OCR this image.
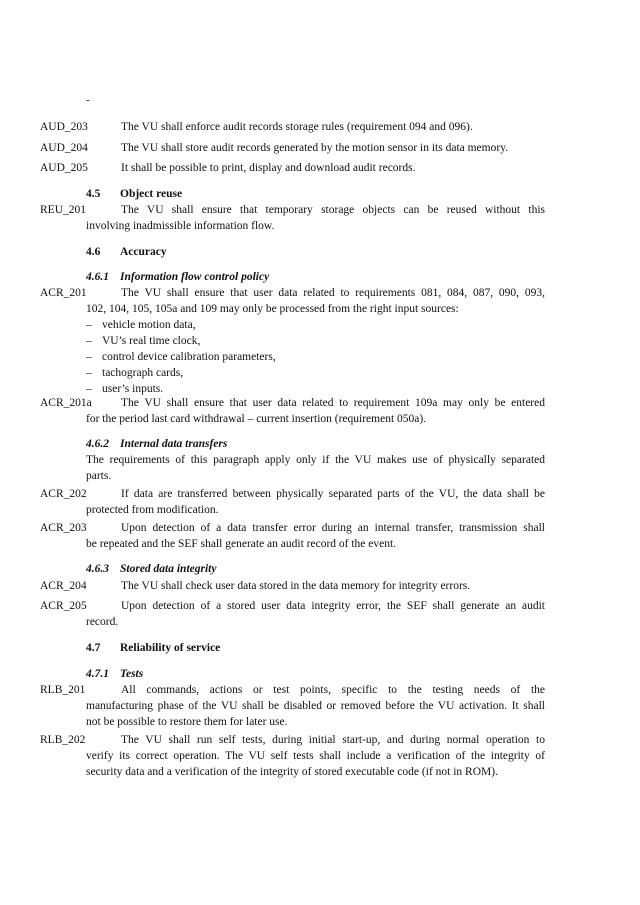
-
AUD_203	The VU shall enforce audit records storage rules (requirement 094 and 096).
AUD_204	The VU shall store audit records generated by the motion sensor in its data memory.
AUD_205	It shall be possible to print, display and download audit records.
4.5 Object reuse
REU_201	The VU shall ensure that temporary storage objects can be reused without this
involving inadmissible information flow.
4.6 Accuracy
4.6.1 Information flow control policy
ACR_201	The VU shall ensure that user data related to requirements 081, 084, 087, 090, 093,
102, 104, 105, 105a and 109 may only be processed from the right input sources:
– vehicle motion data,
– VU’s real time clock,
– control device calibration parameters,
– tachograph cards,
– user’s inputs.
ACR_201a	The VU shall ensure that user data related to requirement 109a may only be entered
for the period last card withdrawal – current insertion (requirement 050a).
4.6.2 Internal data transfers
The requirements of this paragraph apply only if the VU makes use of physically separated
parts.
ACR_202	If data are transferred between physically separated parts of the VU, the data shall be
protected from modification.
ACR_203	Upon detection of a data transfer error during an internal transfer, transmission shall
be repeated and the SEF shall generate an audit record of the event.
4.6.3 Stored data integrity
ACR_204	The VU shall check user data stored in the data memory for integrity errors.
ACR_205	Upon detection of a stored user data integrity error, the SEF shall generate an audit
record.
4.7 Reliability of service
4.7.1 Tests
RLB_201	All commands, actions or test points, specific to the testing needs of the
manufacturing phase of the VU shall be disabled or removed before the VU activation. It shall
not be possible to restore them for later use.
RLB_202	The VU shall run self tests, during initial start-up, and during normal operation to
verify its correct operation. The VU self tests shall include a verification of the integrity of
security data and a verification of the integrity of stored executable code (if not in ROM).
